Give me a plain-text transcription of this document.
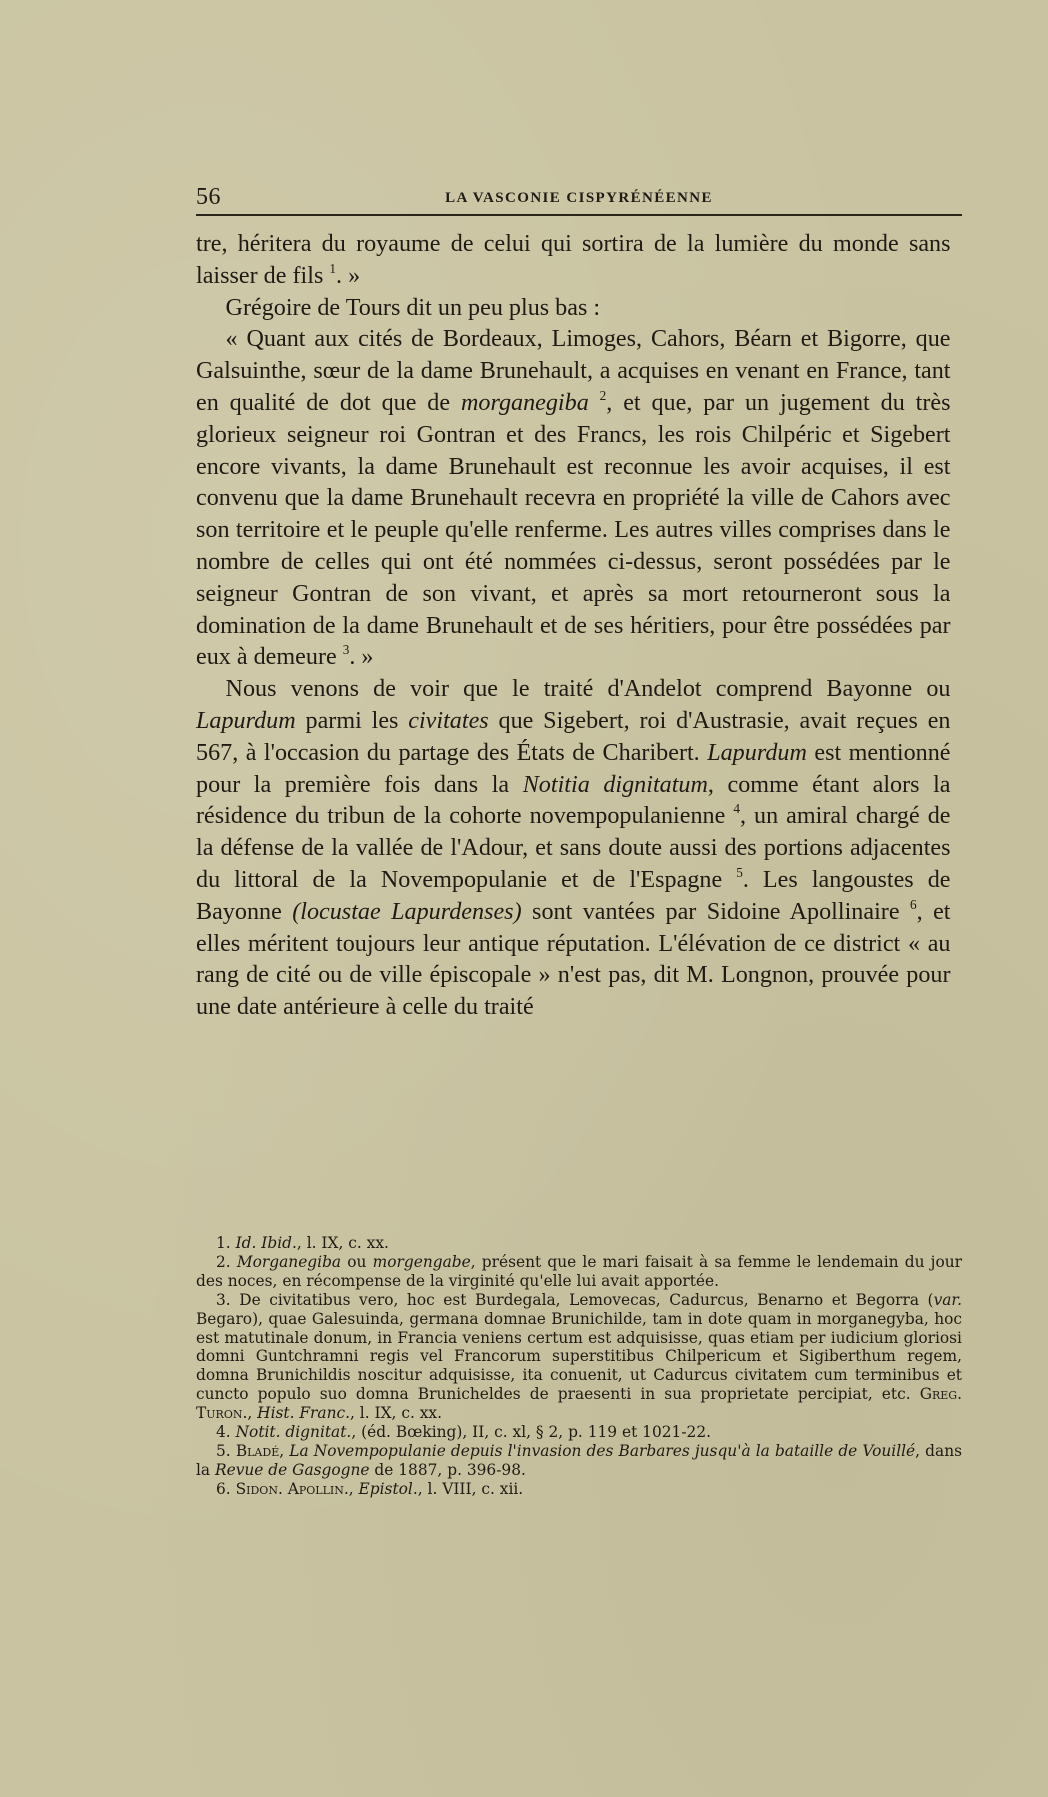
56	LA VASCONIE CISPYRÉNÉENNE

tre, héritera du royaume de celui qui sortira de la lumière du monde sans laisser de fils $^1$. »

Grégoire de Tours dit un peu plus bas :

« Quant aux cités de Bordeaux, Limoges, Cahors, Béarn et Bigorre, que Galsuinthe, sœur de la dame Brunehault, a acquises en venant en France, tant en qualité de dot que de morganegiba $^2$, et que, par un jugement du très glorieux seigneur roi Gontran et des Francs, les rois Chilpéric et Sigebert encore vivants, la dame Brunehault est reconnue les avoir acquises, il est convenu que la dame Brunehault recevra en propriété la ville de Cahors avec son territoire et le peuple qu'elle renferme. Les autres villes comprises dans le nombre de celles qui ont été nommées ci-dessus, seront possédées par le seigneur Gontran de son vivant, et après sa mort retourneront sous la domination de la dame Brunehault et de ses héritiers, pour être possédées par eux à demeure $^3$. »

Nous venons de voir que le traité d'Andelot comprend Bayonne ou Lapurdum parmi les civitates que Sigebert, roi d'Austrasie, avait reçues en 567, à l'occasion du partage des États de Charibert. Lapurdum est mentionné pour la première fois dans la Notitia dignitatum, comme étant alors la résidence du tribun de la cohorte novempopulanienne $^4$, un amiral chargé de la défense de la vallée de l'Adour, et sans doute aussi des portions adjacentes du littoral de la Novempopulanie et de l'Espagne $^5$. Les langoustes de Bayonne (locustae Lapurdenses) sont vantées par Sidoine Apollinaire $^6$, et elles méritent toujours leur antique réputation. L'élévation de ce district « au rang de cité ou de ville épiscopale » n'est pas, dit M. Longnon, prouvée pour une date antérieure à celle du traité

1. Id. Ibid., l. IX, c. xx.

2. Morganegiba ou morgengabe, présent que le mari faisait à sa femme le lendemain du jour des noces, en récompense de la virginité qu'elle lui avait apportée.

3. De civitatibus vero, hoc est Burdegala, Lemovecas, Cadurcus, Benarno et Begorra (var. Begaro), quae Galesuinda, germana domnae Brunichilde, tam in dote quam in morganegyba, hoc est matutinale donum, in Francia veniens certum est adquisisse, quas etiam per iudicium gloriosi domni Guntchramni regis vel Francorum superstitibus Chilpericum et Sigiberthum regem, domna Brunichildis noscitur adquisisse, ita conuenit, ut Cadurcus civitatem cum terminibus et cuncto populo suo domna Brunicheldes de praesenti in sua proprietate percipiat, etc. Greg. Turon., Hist. Franc., l. IX, c. xx.

4. Notit. dignitat., (éd. Bœking), II, c. xl, § 2, p. 119 et 1021-22.

5. Bladé, La Novempopulanie depuis l'invasion des Barbares jusqu'à la bataille de Vouillé, dans la Revue de Gasgogne de 1887, p. 396-98.

6. Sidon. Apollin., Epistol., l. VIII, c. xii.
